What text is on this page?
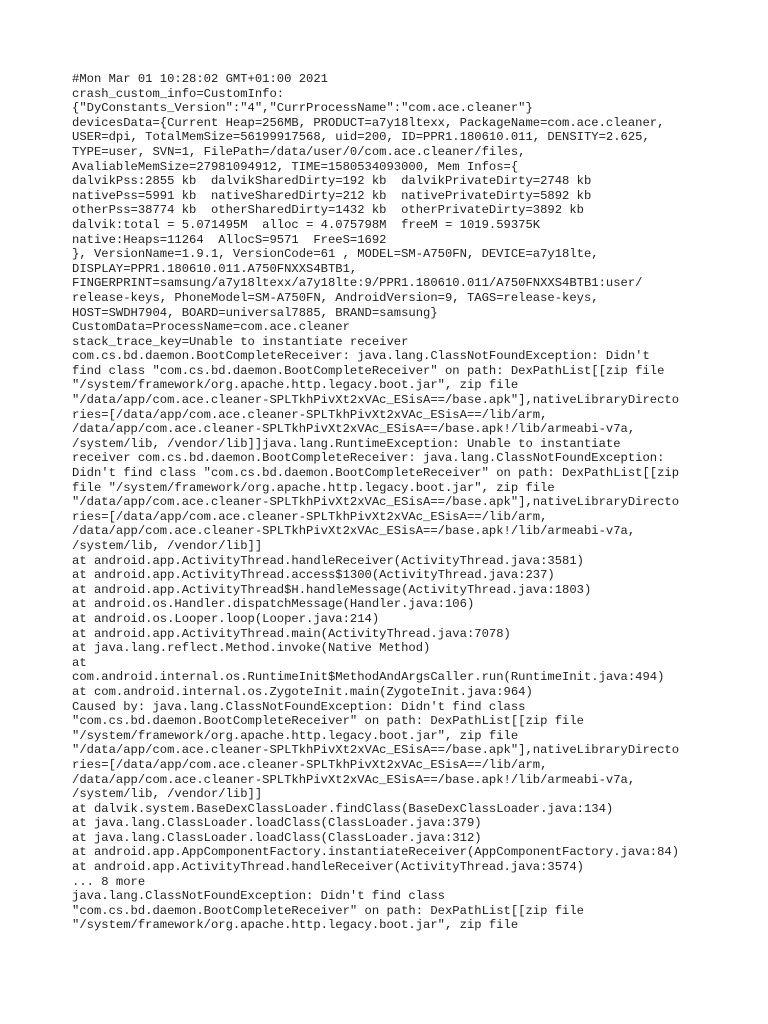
#Mon Mar 01 10:28:02 GMT+01:00 2021
crash_custom_info=CustomInfo:
{"DyConstants_Version":"4","CurrProcessName":"com.ace.cleaner"}
devicesData={Current Heap=256MB, PRODUCT=a7y18ltexx, PackageName=com.ace.cleaner,
USER=dpi, TotalMemSize=56199917568, uid=200, ID=PPR1.180610.011, DENSITY=2.625,
TYPE=user, SVN=1, FilePath=/data/user/0/com.ace.cleaner/files,
AvaliableMemSize=27981094912, TIME=1580534093000, Mem Infos={
dalvikPss:2855 kb  dalvikSharedDirty=192 kb  dalvikPrivateDirty=2748 kb
nativePss=5991 kb  nativeSharedDirty=212 kb  nativePrivateDirty=5892 kb
otherPss=38774 kb  otherSharedDirty=1432 kb  otherPrivateDirty=3892 kb
dalvik:total = 5.071495M  alloc = 4.075798M  freeM = 1019.59375K
native:Heaps=11264  AllocS=9571  FreeS=1692
}, VersionName=1.9.1, VersionCode=61 , MODEL=SM-A750FN, DEVICE=a7y18lte,
DISPLAY=PPR1.180610.011.A750FNXXS4BTB1,
FINGERPRINT=samsung/a7y18ltexx/a7y18lte:9/PPR1.180610.011/A750FNXXS4BTB1:user/
release-keys, PhoneModel=SM-A750FN, AndroidVersion=9, TAGS=release-keys,
HOST=SWDH7904, BOARD=universal7885, BRAND=samsung}
CustomData=ProcessName=com.ace.cleaner
stack_trace_key=Unable to instantiate receiver
com.cs.bd.daemon.BootCompleteReceiver: java.lang.ClassNotFoundException: Didn't
find class "com.cs.bd.daemon.BootCompleteReceiver" on path: DexPathList[[zip file
"/system/framework/org.apache.http.legacy.boot.jar", zip file
"/data/app/com.ace.cleaner-SPLTkhPivXt2xVAc_ESisA==/base.apk"],nativeLibraryDirecto
ries=[/data/app/com.ace.cleaner-SPLTkhPivXt2xVAc_ESisA==/lib/arm,
/data/app/com.ace.cleaner-SPLTkhPivXt2xVAc_ESisA==/base.apk!/lib/armeabi-v7a,
/system/lib, /vendor/lib]]java.lang.RuntimeException: Unable to instantiate
receiver com.cs.bd.daemon.BootCompleteReceiver: java.lang.ClassNotFoundException:
Didn't find class "com.cs.bd.daemon.BootCompleteReceiver" on path: DexPathList[[zip
file "/system/framework/org.apache.http.legacy.boot.jar", zip file
"/data/app/com.ace.cleaner-SPLTkhPivXt2xVAc_ESisA==/base.apk"],nativeLibraryDirecto
ries=[/data/app/com.ace.cleaner-SPLTkhPivXt2xVAc_ESisA==/lib/arm,
/data/app/com.ace.cleaner-SPLTkhPivXt2xVAc_ESisA==/base.apk!/lib/armeabi-v7a,
/system/lib, /vendor/lib]]
at android.app.ActivityThread.handleReceiver(ActivityThread.java:3581)
at android.app.ActivityThread.access$1300(ActivityThread.java:237)
at android.app.ActivityThread$H.handleMessage(ActivityThread.java:1803)
at android.os.Handler.dispatchMessage(Handler.java:106)
at android.os.Looper.loop(Looper.java:214)
at android.app.ActivityThread.main(ActivityThread.java:7078)
at java.lang.reflect.Method.invoke(Native Method)
at
com.android.internal.os.RuntimeInit$MethodAndArgsCaller.run(RuntimeInit.java:494)
at com.android.internal.os.ZygoteInit.main(ZygoteInit.java:964)
Caused by: java.lang.ClassNotFoundException: Didn't find class
"com.cs.bd.daemon.BootCompleteReceiver" on path: DexPathList[[zip file
"/system/framework/org.apache.http.legacy.boot.jar", zip file
"/data/app/com.ace.cleaner-SPLTkhPivXt2xVAc_ESisA==/base.apk"],nativeLibraryDirecto
ries=[/data/app/com.ace.cleaner-SPLTkhPivXt2xVAc_ESisA==/lib/arm,
/data/app/com.ace.cleaner-SPLTkhPivXt2xVAc_ESisA==/base.apk!/lib/armeabi-v7a,
/system/lib, /vendor/lib]]
at dalvik.system.BaseDexClassLoader.findClass(BaseDexClassLoader.java:134)
at java.lang.ClassLoader.loadClass(ClassLoader.java:379)
at java.lang.ClassLoader.loadClass(ClassLoader.java:312)
at android.app.AppComponentFactory.instantiateReceiver(AppComponentFactory.java:84)
at android.app.ActivityThread.handleReceiver(ActivityThread.java:3574)
... 8 more
java.lang.ClassNotFoundException: Didn't find class
"com.cs.bd.daemon.BootCompleteReceiver" on path: DexPathList[[zip file
"/system/framework/org.apache.http.legacy.boot.jar", zip file
